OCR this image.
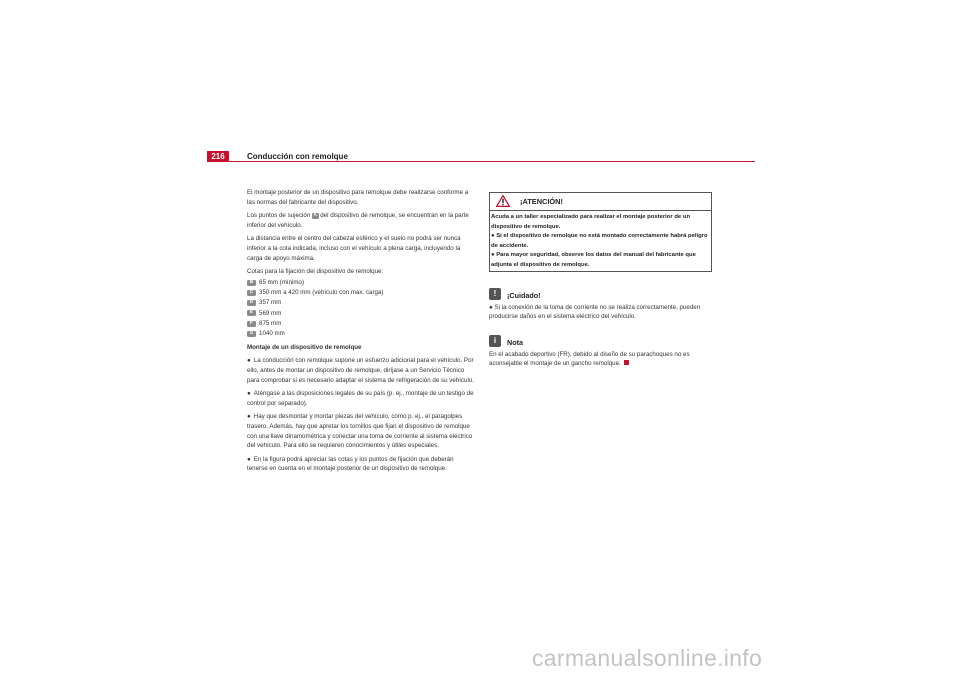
216	Conducción con remolque

El montaje posterior de un dispositivo para remolque debe realizarse conforme a las normas del fabricante del dispositivo.

Los puntos de sujeción A del dispositivo de remolque, se encuentran en la parte inferior del vehículo.

La distancia entre el centro del cabezal esférico y el suelo no podrá ser nunca inferior a la cota indicada, incluso con el vehículo a plena carga, incluyendo la carga de apoyo máxima.

Cotas para la fijación del dispositivo de remolque:

B 65 mm (mínimo)
C 350 mm a 420 mm (vehículo con max. carga)
D 357 mm
E 569 mm
F 875 mm
G 1040 mm

Montaje de un dispositivo de remolque

● La conducción con remolque supone un esfuerzo adicional para el vehículo. Por ello, antes de montar un dispositivo de remolque, diríjase a un Servicio Técnico para comprobar si es necesario adaptar el sistema de refrigeración de su vehículo.

● Aténgase a las disposiciones legales de su país (p. ej., montaje de un testigo de control por separado).

● Hay que desmontar y montar piezas del vehículo, como p. ej., el paragolpes trasero. Además, hay que apretar los tornillos que fijan el dispositivo de remolque con una llave dinamométrica y conectar una toma de corriente al sistema eléctrico del vehículo. Para ello se requieren conocimientos y útiles especiales.

● En la figura podrá apreciar las cotas y los puntos de fijación que deberán tenerse en cuenta en el montaje posterior de un dispositivo de remolque.

¡ATENCIÓN!

Acuda a un taller especializado para realizar el montaje posterior de un dispositivo de remolque.

● Si el dispositivo de remolque no está montado correctamente habrá peligro de accidente.

● Para mayor seguridad, observe los datos del manual del fabricante que adjunta el dispositivo de remolque.

!	¡Cuidado!

● Si la conexión de la toma de corriente no se realiza correctamente, pueden producirse daños en el sistema eléctrico del vehículo.

i	Nota

En el acabado deportivo (FR), debido al diseño de su parachoques no es aconsejable el montaje de un gancho remolque.

carmanualsonline.info
